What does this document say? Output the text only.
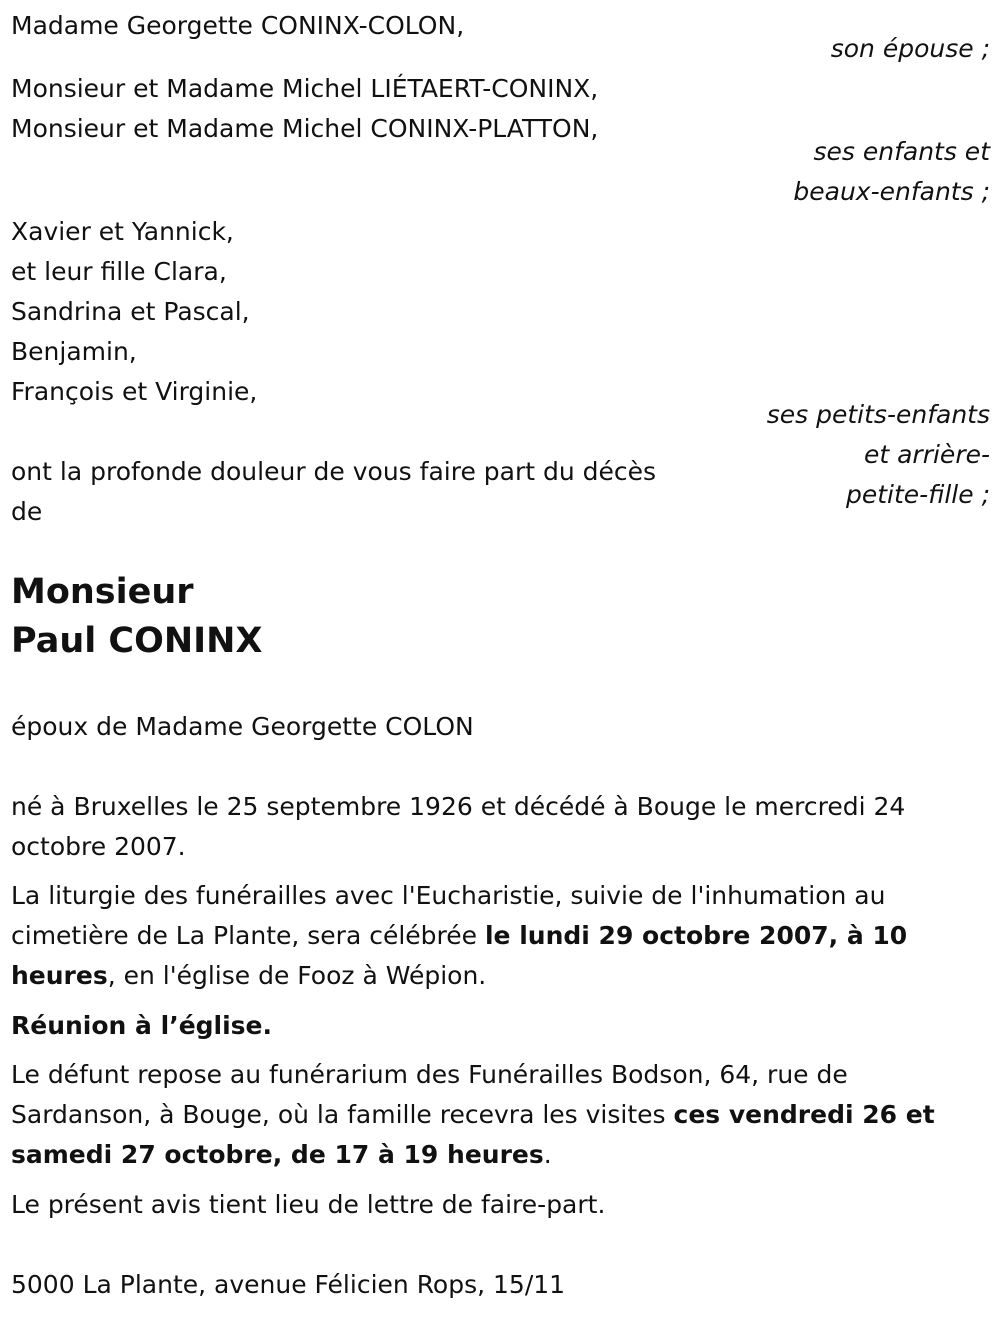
Madame Georgette CONINX-COLON,

son épouse ;

Monsieur et Madame Michel LIÉTAERT-CONINX,

Monsieur et Madame Michel CONINX-PLATTON,

ses enfants et

beaux-enfants ;

Xavier et Yannick,

et leur fille Clara,

Sandrina et Pascal,

Benjamin,

François et Virginie,

ses petits-enfants

et arrière-

petite-fille ;

ont la profonde douleur de vous faire part du décès

de

Monsieur

Paul CONINX

époux de Madame Georgette COLON

né à Bruxelles le 25 septembre 1926 et décédé à Bouge le mercredi 24 octobre 2007.

La liturgie des funérailles avec l'Eucharistie, suivie de l'inhumation au cimetière de La Plante, sera célébrée le lundi 29 octobre 2007, à 10 heures, en l'église de Fooz à Wépion.

Réunion à l’église.

Le défunt repose au funérarium des Funérailles Bodson, 64, rue de Sardanson, à Bouge, où la famille recevra les visites ces vendredi 26 et samedi 27 octobre, de 17 à 19 heures.

Le présent avis tient lieu de lettre de faire-part.

5000 La Plante, avenue Félicien Rops, 15/11
